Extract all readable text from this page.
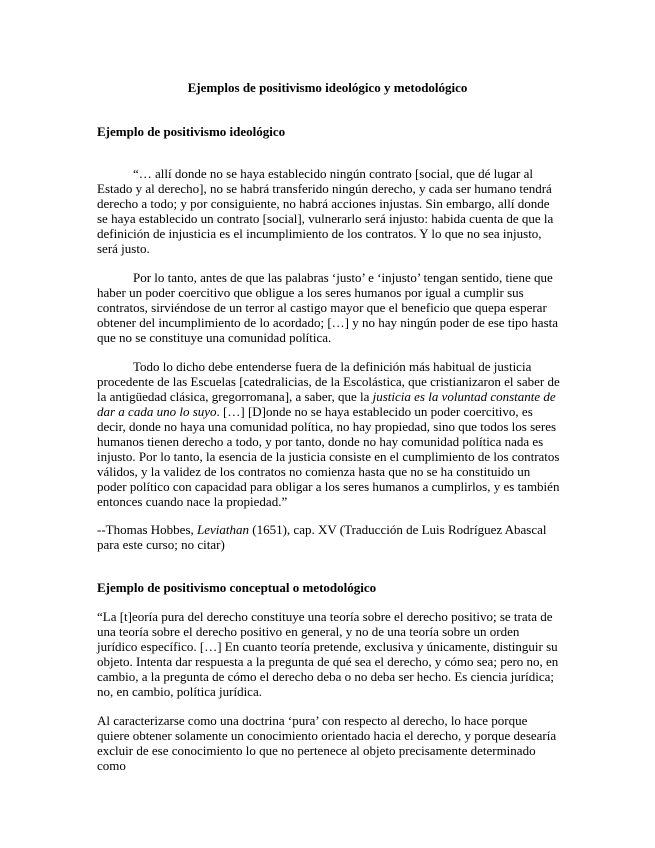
Ejemplos de positivismo ideológico y metodológico
Ejemplo de positivismo ideológico
“… allí donde no se haya establecido ningún contrato [social, que dé lugar al Estado y al derecho], no se habrá transferido ningún derecho, y cada ser humano tendrá derecho a todo; y por consiguiente, no habrá acciones injustas. Sin embargo, allí donde se haya establecido un contrato [social], vulnerarlo será injusto: habida cuenta de que la definición de injusticia es el incumplimiento de los contratos. Y lo que no sea injusto, será justo.
Por lo tanto, antes de que las palabras ‘justo’ e ‘injusto’ tengan sentido, tiene que haber un poder coercitivo que obligue a los seres humanos por igual a cumplir sus contratos, sirviéndose de un terror al castigo mayor que el beneficio que quepa esperar obtener del incumplimiento de lo acordado; […] y no hay ningún poder de ese tipo hasta que no se constituye una comunidad política.
Todo lo dicho debe entenderse fuera de la definición más habitual de justicia procedente de las Escuelas [catedralicias, de la Escolástica, que cristianizaron el saber de la antigüedad clásica, gregorromana], a saber, que la justicia es la voluntad constante de dar a cada uno lo suyo. […] [D]onde no se haya establecido un poder coercitivo, es decir, donde no haya una comunidad política, no hay propiedad, sino que todos los seres humanos tienen derecho a todo, y por tanto, donde no hay comunidad política nada es injusto. Por lo tanto, la esencia de la justicia consiste en el cumplimiento de los contratos válidos, y la validez de los contratos no comienza hasta que no se ha constituido un poder político con capacidad para obligar a los seres humanos a cumplirlos, y es también entonces cuando nace la propiedad.”
--Thomas Hobbes, Leviathan (1651), cap. XV (Traducción de Luis Rodríguez Abascal para este curso; no citar)
Ejemplo de positivismo conceptual o metodológico
“La [t]eoría pura del derecho constituye una teoría sobre el derecho positivo; se trata de una teoría sobre el derecho positivo en general, y no de una teoría sobre un orden jurídico específico. […] En cuanto teoría pretende, exclusiva y únicamente, distinguir su objeto. Intenta dar respuesta a la pregunta de qué sea el derecho, y cómo sea; pero no, en cambio, a la pregunta de cómo el derecho deba o no deba ser hecho. Es ciencia jurídica; no, en cambio, política jurídica.
Al caracterizarse como una doctrina ‘pura’ con respecto al derecho, lo hace porque quiere obtener solamente un conocimiento orientado hacia el derecho, y porque desearía excluir de ese conocimiento lo que no pertenece al objeto precisamente determinado como
